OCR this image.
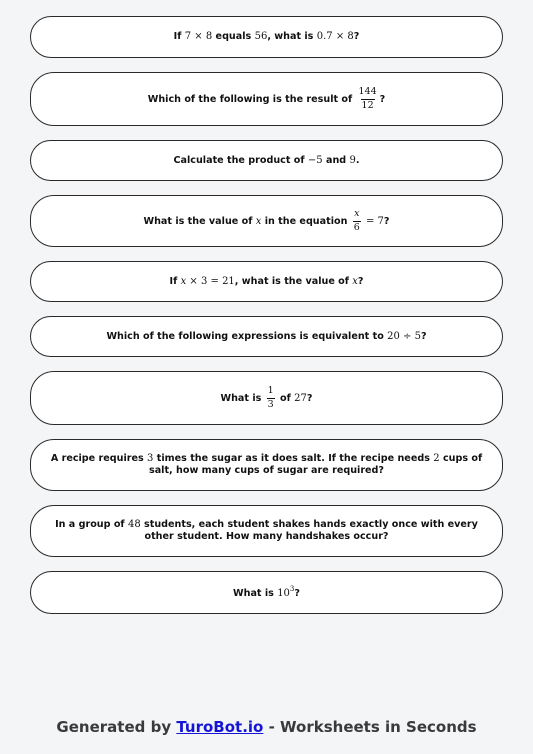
If 7 × 8 equals 56, what is 0.7 × 8?
Which of the following is the result of $\frac{144}{12}$ ?
Calculate the product of −5 and 9.
What is the value of x in the equation $\frac{x}{6} = 7$?
If x × 3 = 21, what is the value of x?
Which of the following expressions is equivalent to 20 ÷ 5?
What is $\frac{1}{3}$ of 27?
A recipe requires 3 times the sugar as it does salt. If the recipe needs 2 cups of salt, how many cups of sugar are required?
In a group of 48 students, each student shakes hands exactly once with every other student. How many handshakes occur?
What is $10^3$?
Generated by TuroBot.io - Worksheets in Seconds
